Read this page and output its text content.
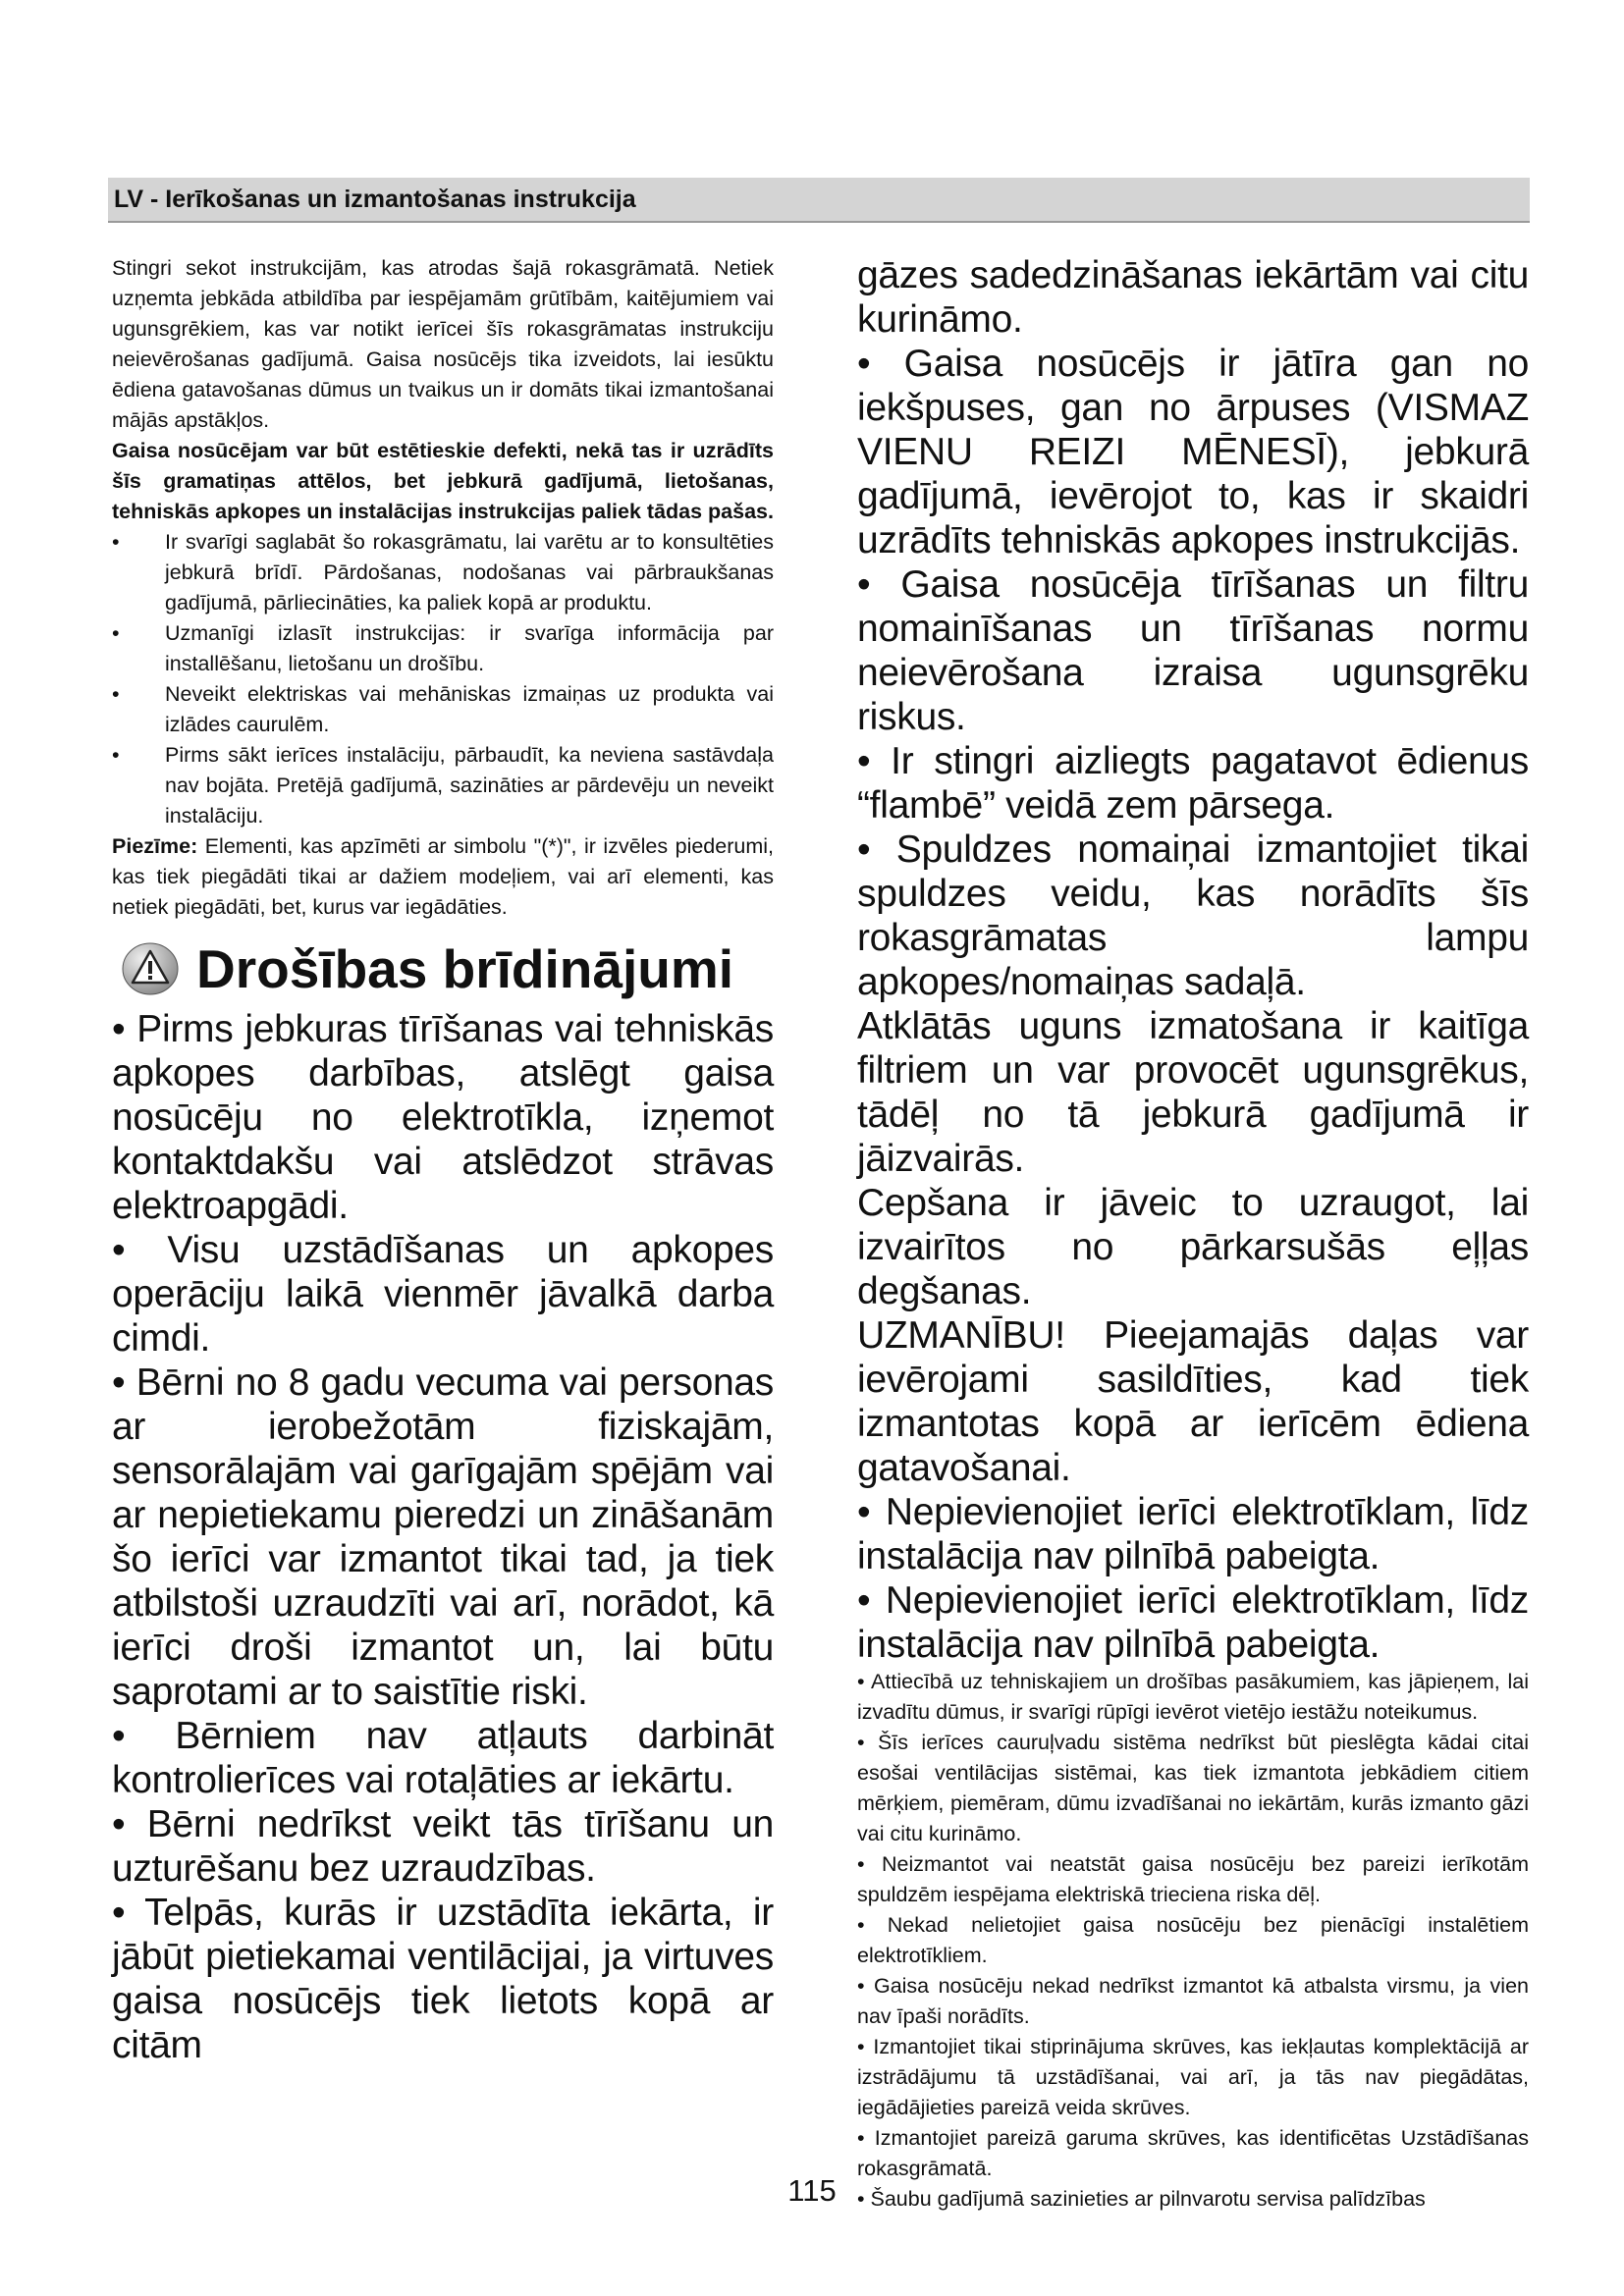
LV - Ierīkošanas un izmantošanas instrukcija

Stingri sekot instrukcijām, kas atrodas šajā rokasgrāmatā. Netiek uzņemta jebkāda atbildība par iespējamām grūtībām, kaitējumiem vai ugunsgrēkiem, kas var notikt ierīcei šīs rokasgrāmatas instrukciju neievērošanas gadījumā. Gaisa nosūcējs tika izveidots, lai iesūktu ēdiena gatavošanas dūmus un tvaikus un ir domāts tikai izmantošanai mājās apstākļos.

Gaisa nosūcējam var būt estētieskie defekti, nekā tas ir uzrādīts šīs gramatiņas attēlos, bet jebkurā gadījumā, lietošanas, tehniskās apkopes un instalācijas instrukcijas paliek tādas pašas.

• Ir svarīgi saglabāt šo rokasgrāmatu, lai varētu ar to konsultēties jebkurā brīdī. Pārdošanas, nodošanas vai pārbraukšanas gadījumā, pārliecināties, ka paliek kopā ar produktu.
• Uzmanīgi izlasīt instrukcijas: ir svarīga informācija par installēšanu, lietošanu un drošību.
• Neveikt elektriskas vai mehāniskas izmaiņas uz produkta vai izlādes caurulēm.
• Pirms sākt ierīces instalāciju, pārbaudīt, ka neviena sastāvdaļa nav bojāta. Pretējā gadījumā, sazināties ar pārdevēju un neveikt instalāciju.

Piezīme: Elementi, kas apzīmēti ar simbolu "(*)", ir izvēles piederumi, kas tiek piegādāti tikai ar dažiem modeļiem, vai arī elementi, kas netiek piegādāti, bet, kurus var iegādāties.

Drošības brīdinājumi

• Pirms jebkuras tīrīšanas vai tehniskās apkopes darbības, atslēgt gaisa nosūcēju no elektrotīkla, izņemot kontaktdakšu vai atslēdzot strāvas elektroapgādi.

• Visu uzstādīšanas un apkopes operāciju laikā vienmēr jāvalkā darba cimdi.

• Bērni no 8 gadu vecuma vai personas ar ierobežotām fiziskajām, sensorālajām vai garīgajām spējām vai ar nepietiekamu pieredzi un zināšanām šo ierīci var izmantot tikai tad, ja tiek atbilstoši uzraudzīti vai arī, norādot, kā ierīci droši izmantot un, lai būtu saprotami ar to saistītie riski.

• Bērniem nav atļauts darbināt kontrolierīces vai rotaļāties ar iekārtu.

• Bērni nedrīkst veikt tās tīrīšanu un uzturēšanu bez uzraudzības.

• Telpās, kurās ir uzstādīta iekārta, ir jābūt pietiekamai ventilācijai, ja virtuves gaisa nosūcējs tiek lietots kopā ar citām

gāzes sadedzināšanas iekārtām vai citu kurināmo.

• Gaisa nosūcējs ir jātīra gan no iekšpuses, gan no ārpuses (VISMAZ VIENU REIZI MĒNESĪ), jebkurā gadījumā, ievērojot to, kas ir skaidri uzrādīts tehniskās apkopes instrukcijās.

• Gaisa nosūcēja tīrīšanas un filtru nomainīšanas un tīrīšanas normu neievērošana izraisa ugunsgrēku riskus.

• Ir stingri aizliegts pagatavot ēdienus “flambē” veidā zem pārsega.

• Spuldzes nomaiņai izmantojiet tikai spuldzes veidu, kas norādīts šīs rokasgrāmatas lampu apkopes/nomaiņas sadaļā.

Atklātās uguns izmatošana ir kaitīga filtriem un var provocēt ugunsgrēkus, tādēļ no tā jebkurā gadījumā ir jāizvairās.

Cepšana ir jāveic to uzraugot, lai izvairītos no pārkarsušās eļļas degšanas.

UZMANĪBU! Pieejamajās daļas var ievērojami sasildīties, kad tiek izmantotas kopā ar ierīcēm ēdiena gatavošanai.

• Nepievienojiet ierīci elektrotīklam, līdz instalācija nav pilnībā pabeigta.

• Nepievienojiet ierīci elektrotīklam, līdz instalācija nav pilnībā pabeigta.

• Attiecībā uz tehniskajiem un drošības pasākumiem, kas jāpieņem, lai izvadītu dūmus, ir svarīgi rūpīgi ievērot vietējo iestāžu noteikumus.

• Šīs ierīces cauruļvadu sistēma nedrīkst būt pieslēgta kādai citai esošai ventilācijas sistēmai, kas tiek izmantota jebkādiem citiem mērķiem, piemēram, dūmu izvadīšanai no iekārtām, kurās izmanto gāzi vai citu kurināmo.

• Neizmantot vai neatstāt gaisa nosūcēju bez pareizi ierīkotām spuldzēm iespējama elektriskā trieciena riska dēļ.

• Nekad nelietojiet gaisa nosūcēju bez pienācīgi instalētiem elektrotīkliem.

• Gaisa nosūcēju nekad nedrīkst izmantot kā atbalsta virsmu, ja vien nav īpaši norādīts.

• Izmantojiet tikai stiprinājuma skrūves, kas iekļautas komplektācijā ar izstrādājumu tā uzstādīšanai, vai arī, ja tās nav piegādātas, iegādājieties pareizā veida skrūves.

• Izmantojiet pareizā garuma skrūves, kas identificētas Uzstādīšanas rokasgrāmatā.

• Šaubu gadījumā sazinieties ar pilnvarotu servisa palīdzības

115
